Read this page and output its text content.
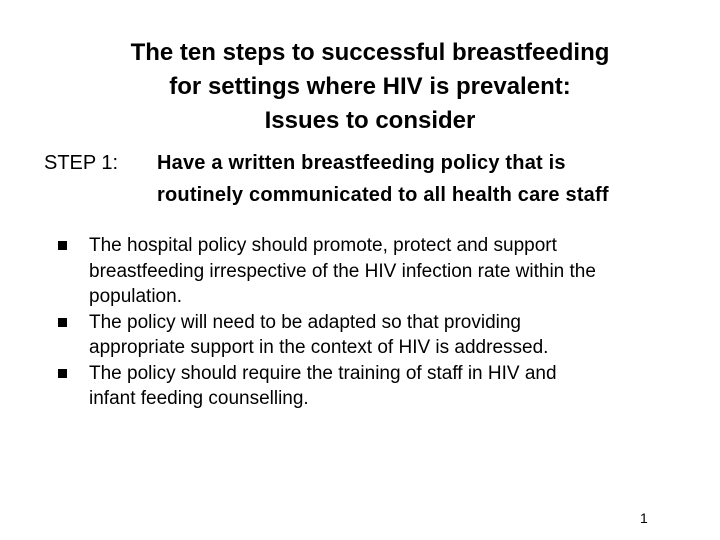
The ten steps to successful breastfeeding
for settings where HIV is prevalent:
Issues to consider
STEP 1:	Have a written breastfeeding policy that is
routinely communicated to all health care staff
The hospital policy should promote, protect and support
breastfeeding irrespective of the HIV infection rate within the
population.
The policy will need to be adapted so that providing
appropriate support in the context of HIV is addressed.
The policy should require the training of staff in HIV and
infant feeding counselling.
1
